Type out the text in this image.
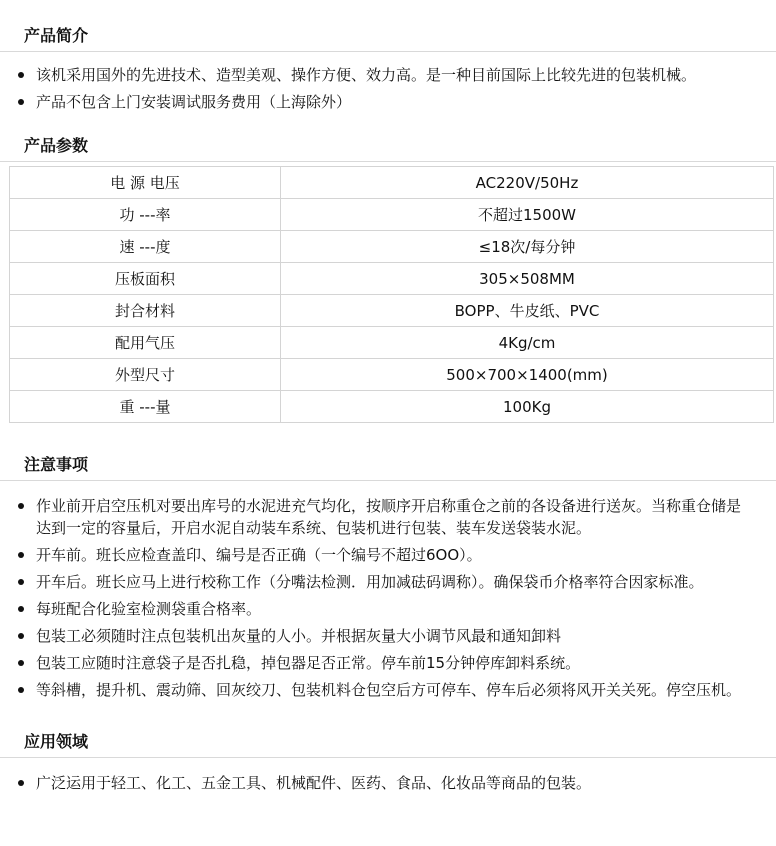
产品简介
该机采用国外的先进技术、造型美观、操作方便、效力高。是一种目前国际上比较先进的包装机械。
产品不包含上门安装调试服务费用（上海除外）
产品参数
电 源 电压	AC220V/50Hz
功 ---率	不超过1500W
速 ---度	≤18次/每分钟
压板面积	305×508MM
封合材料	BOPP、牛皮纸、PVC
配用气压	4Kg/cm
外型尺寸	500×700×1400(mm)
重 ---量	100Kg
注意事项
作业前开启空压机对要出库号的水泥进充气均化，按顺序开启称重仓之前的各设备进行送灰。当称重仓储是达到一定的容量后，开启水泥自动装车系统、包装机进行包装、装车发送袋装水泥。
开车前。班长应检查盖印、编号是否正确（一个编号不超过6OO）。
开车后。班长应马上进行校称工作（分嘴法检测．用加减砝码调称）。确保袋币介格率符合因家标准。
每班配合化验室检测袋重合格率。
包装工必须随时注点包装机出灰量的人小。并根据灰量大小调节风最和通知卸料
包装工应随时注意袋子是否扎稳，掉包器足否正常。停车前15分钟停库卸料系统。
等斜槽，提升机、震动筛、回灰绞刀、包装机料仓包空后方可停车、停车后必须将风开关关死。停空压机。
应用领域
广泛运用于轻工、化工、五金工具、机械配件、医药、食品、化妆品等商品的包装。
